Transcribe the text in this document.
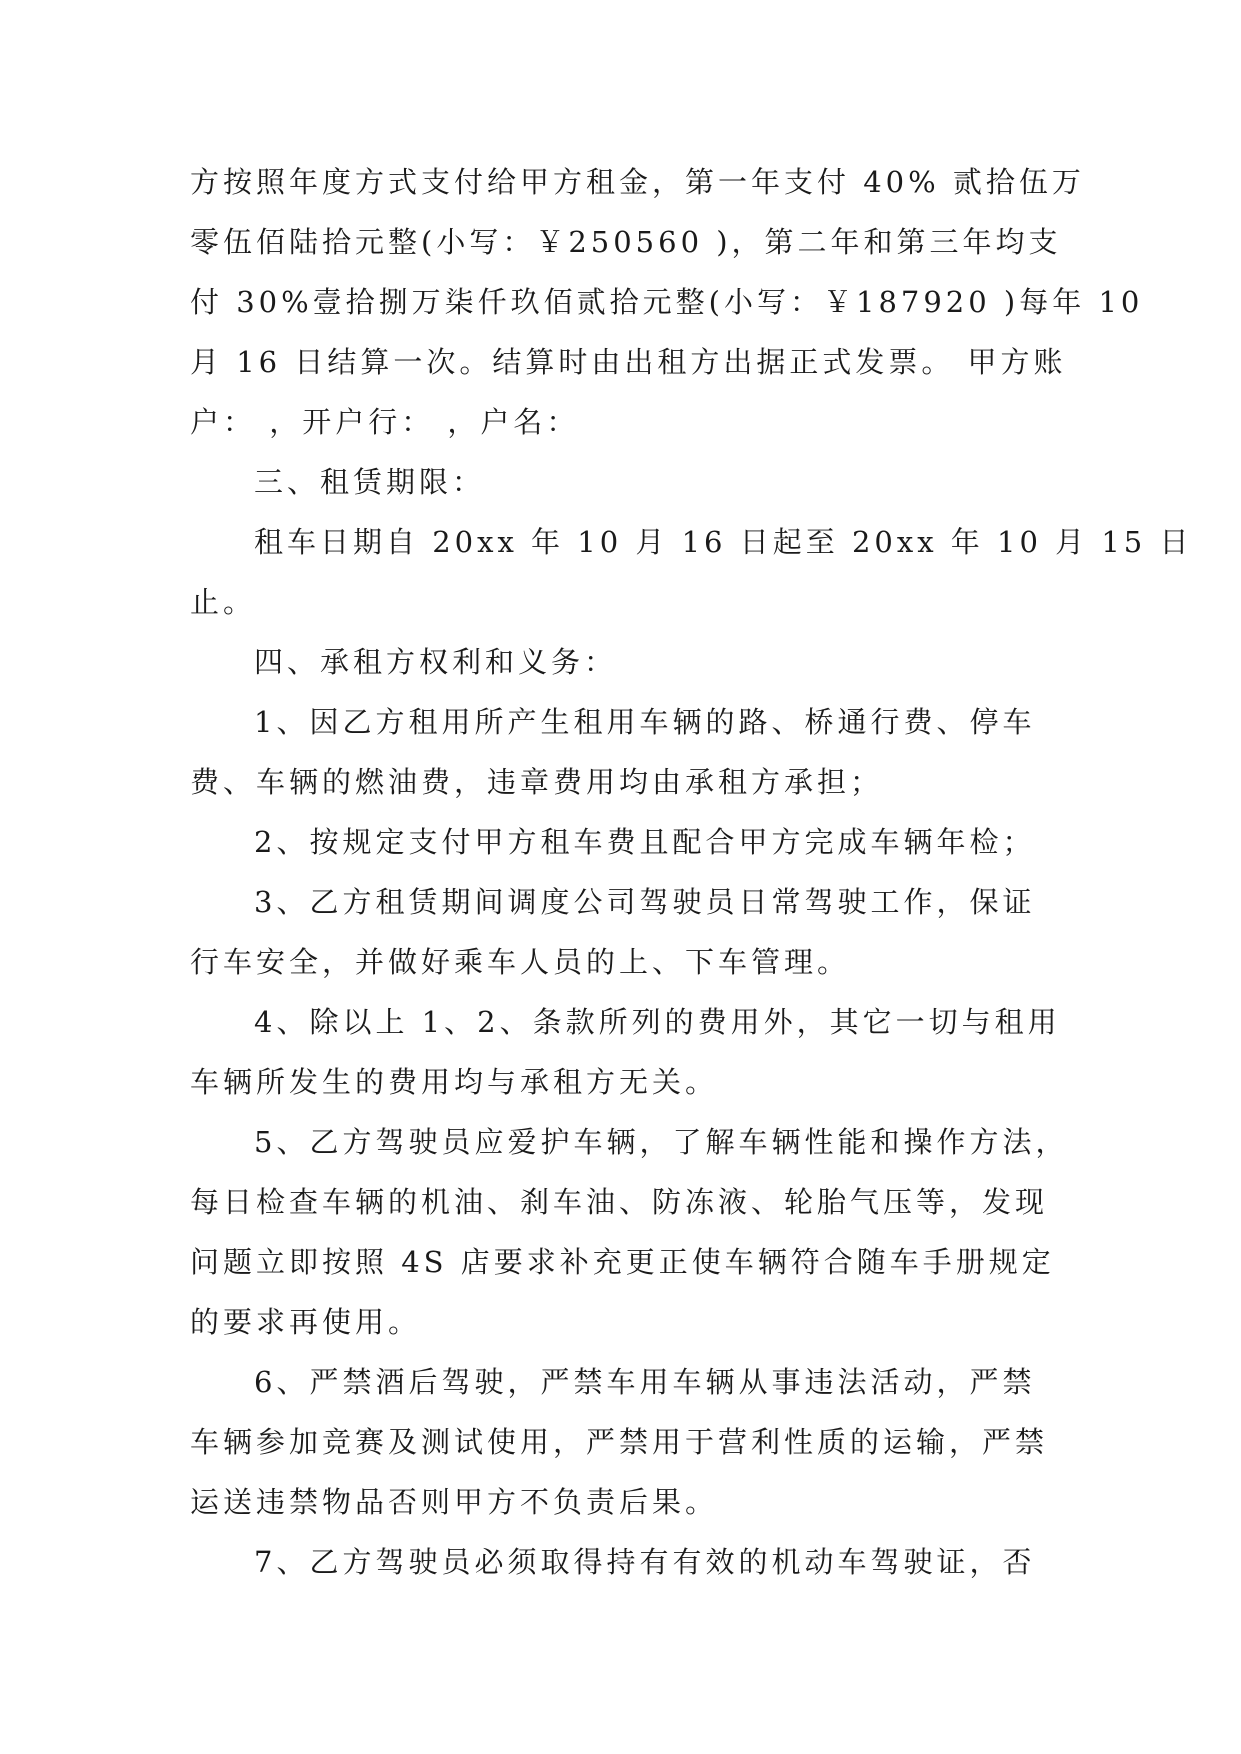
方按照年度方式支付给甲方租金，第一年支付 40% 贰拾伍万
零伍佰陆拾元整(小写：￥250560 )，第二年和第三年均支
付 30%壹拾捌万柒仟玖佰贰拾元整(小写：￥187920 )每年 10
月 16 日结算一次。结算时由出租方出据正式发票。 甲方账
户： ，开户行： ，户名：
三、租赁期限：
租车日期自 20xx 年 10 月 16 日起至 20xx 年 10 月 15 日
止。
四、承租方权利和义务：
1、因乙方租用所产生租用车辆的路、桥通行费、停车
费、车辆的燃油费，违章费用均由承租方承担；
2、按规定支付甲方租车费且配合甲方完成车辆年检；
3、乙方租赁期间调度公司驾驶员日常驾驶工作，保证
行车安全，并做好乘车人员的上、下车管理。
4、除以上 1、2、条款所列的费用外，其它一切与租用
车辆所发生的费用均与承租方无关。
5、乙方驾驶员应爱护车辆，了解车辆性能和操作方法，
每日检查车辆的机油、刹车油、防冻液、轮胎气压等，发现
问题立即按照 4S 店要求补充更正使车辆符合随车手册规定
的要求再使用。
6、严禁酒后驾驶，严禁车用车辆从事违法活动，严禁
车辆参加竞赛及测试使用，严禁用于营利性质的运输，严禁
运送违禁物品否则甲方不负责后果。
7、乙方驾驶员必须取得持有有效的机动车驾驶证，否
